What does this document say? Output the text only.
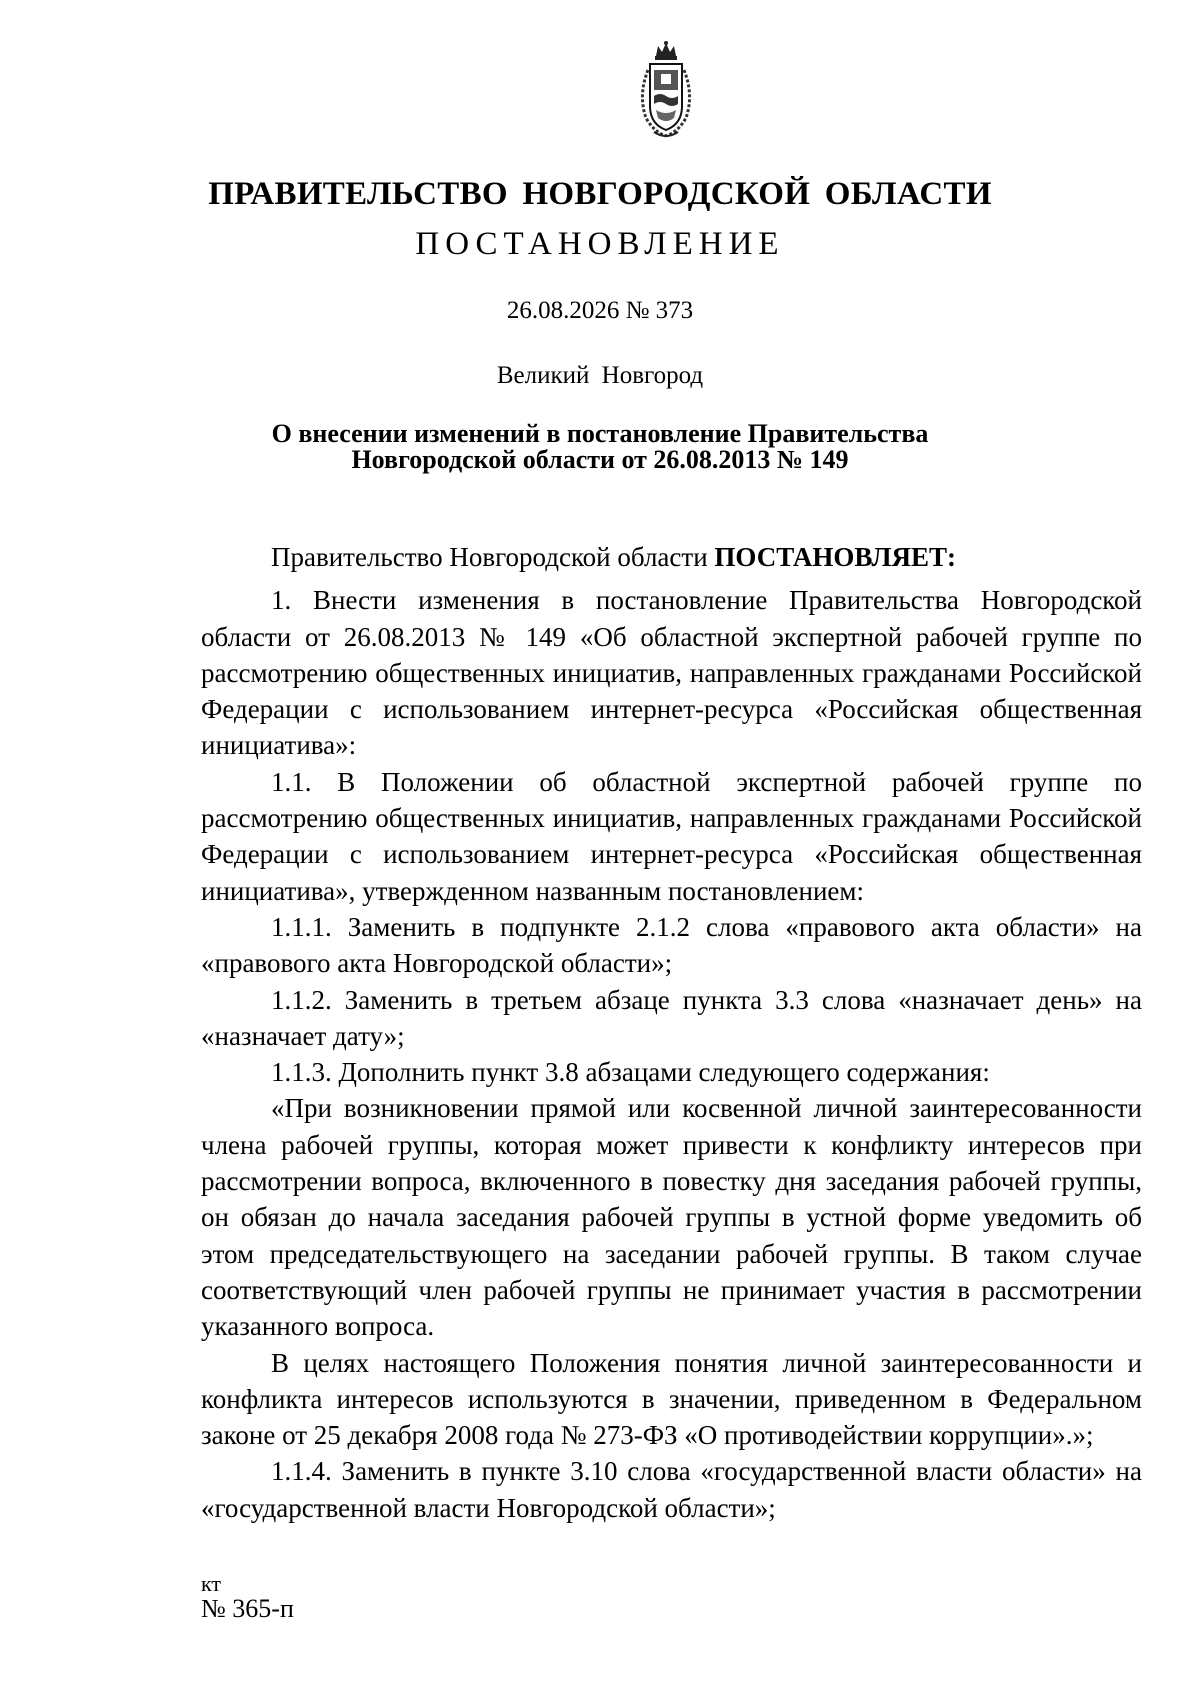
ПРАВИТЕЛЬСТВО НОВГОРОДСКОЙ ОБЛАСТИ
ПОСТАНОВЛЕНИЕ
26.08.2026 № 373
Великий Новгород
О внесении изменений в постановление Правительства
Новгородской области от 26.08.2013 № 149

Правительство Новгородской области ПОСТАНОВЛЯЕТ:

1. Внести изменения в постановление Правительства Новгородской области от 26.08.2013 № 149 «Об областной экспертной рабочей группе по рассмотрению общественных инициатив, направленных гражданами Российской Федерации с использованием интернет-ресурса «Российская общественная инициатива»:

1.1. В Положении об областной экспертной рабочей группе по рассмотрению общественных инициатив, направленных гражданами Российской Федерации с использованием интернет-ресурса «Российская общественная инициатива», утвержденном названным постановлением:

1.1.1. Заменить в подпункте 2.1.2 слова «правового акта области» на «правового акта Новгородской области»;

1.1.2. Заменить в третьем абзаце пункта 3.3 слова «назначает день» на «назначает дату»;

1.1.3. Дополнить пункт 3.8 абзацами следующего содержания:

«При возникновении прямой или косвенной личной заинтересованности члена рабочей группы, которая может привести к конфликту интересов при рассмотрении вопроса, включенного в повестку дня заседания рабочей группы, он обязан до начала заседания рабочей группы в устной форме уведомить об этом председательствующего на заседании рабочей группы. В таком случае соответствующий член рабочей группы не принимает участия в рассмотрении указанного вопроса.

В целях настоящего Положения понятия личной заинтересованности и конфликта интересов используются в значении, приведенном в Федеральном законе от 25 декабря 2008 года № 273-ФЗ «О противодействии коррупции».»;

1.1.4. Заменить в пункте 3.10 слова «государственной власти области» на «государственной власти Новгородской области»;

кт
№ 365-п
